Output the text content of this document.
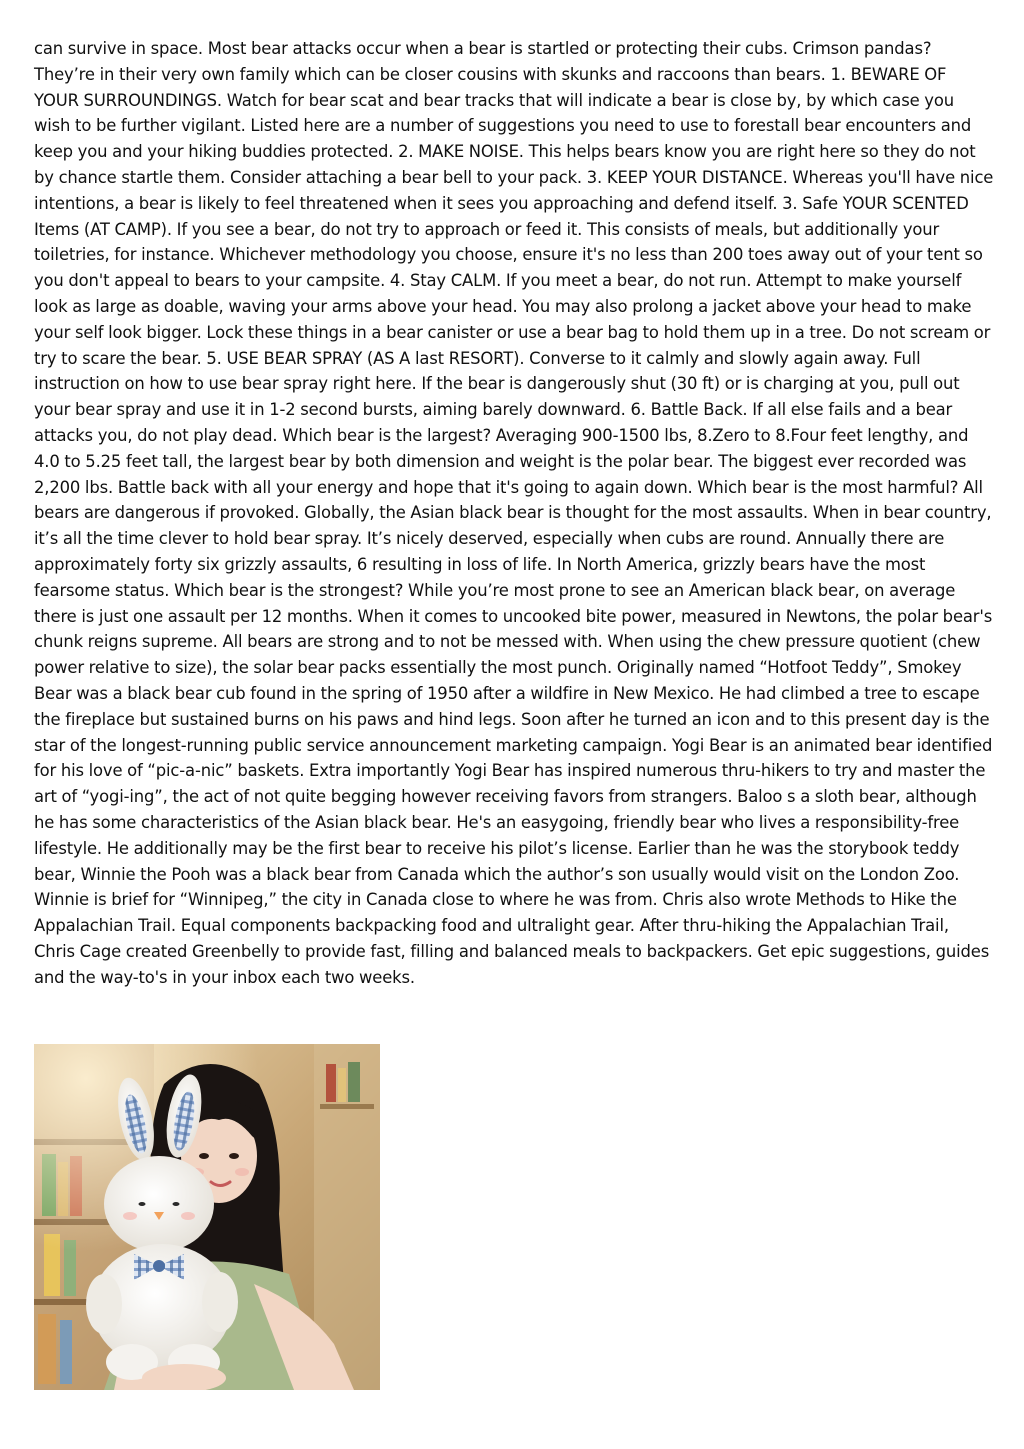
can survive in space. Most bear attacks occur when a bear is startled or protecting their cubs. Crimson pandas? They’re in their very own family which can be closer cousins with skunks and raccoons than bears. 1. BEWARE OF YOUR SURROUNDINGS. Watch for bear scat and bear tracks that will indicate a bear is close by, by which case you wish to be further vigilant. Listed here are a number of suggestions you need to use to forestall bear encounters and keep you and your hiking buddies protected. 2. MAKE NOISE. This helps bears know you are right here so they do not by chance startle them. Consider attaching a bear bell to your pack. 3. KEEP YOUR DISTANCE. Whereas you'll have nice intentions, a bear is likely to feel threatened when it sees you approaching and defend itself. 3. Safe YOUR SCENTED Items (AT CAMP). If you see a bear, do not try to approach or feed it. This consists of meals, but additionally your toiletries, for instance. Whichever methodology you choose, ensure it's no less than 200 toes away out of your tent so you don't appeal to bears to your campsite. 4. Stay CALM. If you meet a bear, do not run. Attempt to make yourself look as large as doable, waving your arms above your head. You may also prolong a jacket above your head to make your self look bigger. Lock these things in a bear canister or use a bear bag to hold them up in a tree. Do not scream or try to scare the bear. 5. USE BEAR SPRAY (AS A last RESORT). Converse to it calmly and slowly again away. Full instruction on how to use bear spray right here. If the bear is dangerously shut (30 ft) or is charging at you, pull out your bear spray and use it in 1-2 second bursts, aiming barely downward. 6. Battle Back. If all else fails and a bear attacks you, do not play dead. Which bear is the largest? Averaging 900-1500 lbs, 8.Zero to 8.Four feet lengthy, and 4.0 to 5.25 feet tall, the largest bear by both dimension and weight is the polar bear. The biggest ever recorded was 2,200 lbs. Battle back with all your energy and hope that it's going to again down. Which bear is the most harmful? All bears are dangerous if provoked. Globally, the Asian black bear is thought for the most assaults. When in bear country, it’s all the time clever to hold bear spray. It’s nicely deserved, especially when cubs are round. Annually there are approximately forty six grizzly assaults, 6 resulting in loss of life. In North America, grizzly bears have the most fearsome status. Which bear is the strongest? While you’re most prone to see an American black bear, on average there is just one assault per 12 months. When it comes to uncooked bite power, measured in Newtons, the polar bear's chunk reigns supreme. All bears are strong and to not be messed with. When using the chew pressure quotient (chew power relative to size), the solar bear packs essentially the most punch. Originally named “Hotfoot Teddy”, Smokey Bear was a black bear cub found in the spring of 1950 after a wildfire in New Mexico. He had climbed a tree to escape the fireplace but sustained burns on his paws and hind legs. Soon after he turned an icon and to this present day is the star of the longest-running public service announcement marketing campaign. Yogi Bear is an animated bear identified for his love of “pic-a-nic” baskets. Extra importantly Yogi Bear has inspired numerous thru-hikers to try and master the art of “yogi-ing”, the act of not quite begging however receiving favors from strangers. Baloo s a sloth bear, although he has some characteristics of the Asian black bear. He's an easygoing, friendly bear who lives a responsibility-free lifestyle. He additionally may be the first bear to receive his pilot’s license. Earlier than he was the storybook teddy bear, Winnie the Pooh was a black bear from Canada which the author’s son usually would visit on the London Zoo. Winnie is brief for “Winnipeg,” the city in Canada close to where he was from. Chris also wrote Methods to Hike the Appalachian Trail. Equal components backpacking food and ultralight gear. After thru-hiking the Appalachian Trail, Chris Cage created Greenbelly to provide fast, filling and balanced meals to backpackers. Get epic suggestions, guides and the way-to's in your inbox each two weeks.
